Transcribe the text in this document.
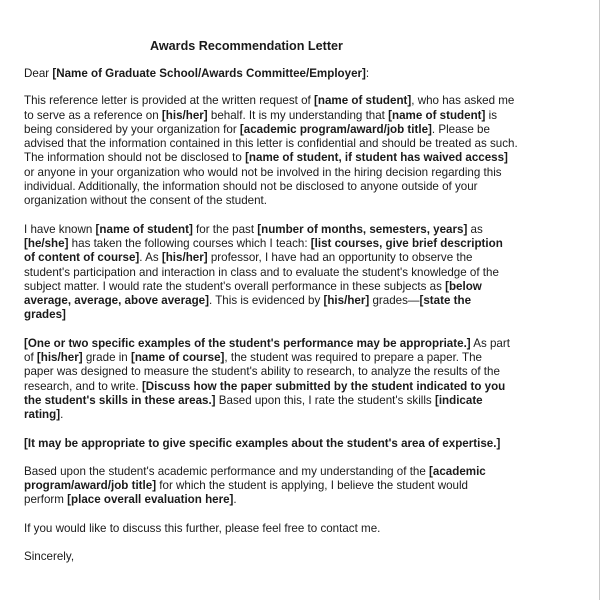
Awards Recommendation Letter
Dear [Name of Graduate School/Awards Committee/Employer]:
This reference letter is provided at the written request of [name of student], who has asked me
to serve as a reference on [his/her] behalf. It is my understanding that [name of student] is
being considered by your organization for [academic program/award/job title]. Please be
advised that the information contained in this letter is confidential and should be treated as such.
The information should not be disclosed to [name of student, if student has waived access]
or anyone in your organization who would not be involved in the hiring decision regarding this
individual. Additionally, the information should not be disclosed to anyone outside of your
organization without the consent of the student.
I have known [name of student] for the past [number of months, semesters, years] as
[he/she] has taken the following courses which I teach: [list courses, give brief description
of content of course]. As [his/her] professor, I have had an opportunity to observe the
student's participation and interaction in class and to evaluate the student's knowledge of the
subject matter. I would rate the student's overall performance in these subjects as [below
average, average, above average]. This is evidenced by [his/her] grades—[state the
grades]
[One or two specific examples of the student's performance may be appropriate.] As part
of [his/her] grade in [name of course], the student was required to prepare a paper. The
paper was designed to measure the student's ability to research, to analyze the results of the
research, and to write. [Discuss how the paper submitted by the student indicated to you
the student's skills in these areas.] Based upon this, I rate the student's skills [indicate
rating].
[It may be appropriate to give specific examples about the student's area of expertise.]
Based upon the student's academic performance and my understanding of the [academic
program/award/job title] for which the student is applying, I believe the student would
perform [place overall evaluation here].
If you would like to discuss this further, please feel free to contact me.
Sincerely,
